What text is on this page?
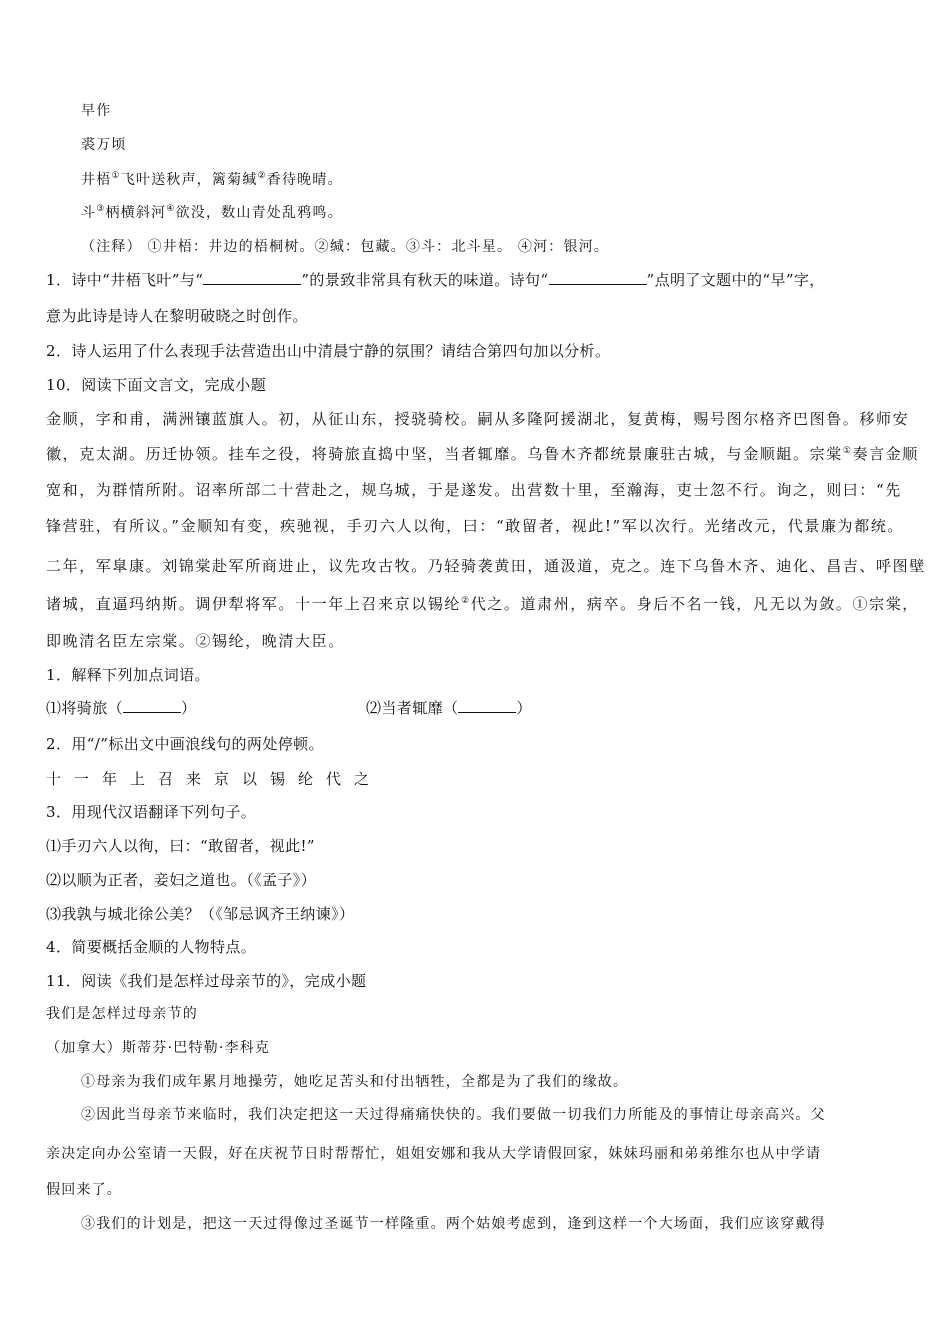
早作
裘万顷
井梧①飞叶送秋声，篱菊缄②香待晚晴。
斗③柄横斜河④欲没，数山青处乱鸦鸣。
（注释） ①井梧：井边的梧桐树。②缄：包藏。③斗：北斗星。 ④河：银河。
1．诗中“井梧飞叶”与“	”的景致非常具有秋天的味道。诗句“	”点明了文题中的“早”字，
意为此诗是诗人在黎明破晓之时创作。
2．诗人运用了什么表现手法营造出山中清晨宁静的氛围？请结合第四句加以分析。
10．阅读下面文言文，完成小题
金顺，字和甫，满洲镶蓝旗人。初，从征山东，授骁骑校。嗣从多隆阿援湖北，复黄梅，赐号图尔格齐巴图鲁。移师安
徽，克太湖。历迁协领。挂车之役，将骑旅直捣中坚，当者辄靡。乌鲁木齐都统景廉驻古城，与金顺龃。宗棠①奏言金顺
宽和，为群情所附。诏率所部二十营赴之，规乌城，于是遂发。出营数十里，至瀚海，吏士忽不行。询之，则曰：“先
锋营驻，有所议。”金顺知有变，疾驰视，手刃六人以徇，曰：“敢留者，视此!”军以次行。光绪改元，代景廉为都统。
二年，军皐康。刘锦棠赴军所商进止，议先攻古牧。乃轻骑袭黄田，通汲道，克之。连下乌鲁木齐、迪化、昌吉、呼图壁
诸城，直逼玛纳斯。调伊犁将军。十一年上召来京以锡纶②代之。道肃州，病卒。身后不名一钱，凡无以为敛。①宗棠，
即晚清名臣左宗棠。②锡纶，晚清大臣。
1．解释下列加点词语。
⑴将骑旅（	）	⑵当者辄靡（	）
2．用“/”标出文中画浪线句的两处停顿。
十一年上召来京以锡纶代之
3．用现代汉语翻译下列句子。
⑴手刃六人以徇，曰：“敢留者，视此!”
⑵以顺为正者，妾妇之道也。（《孟子》）
⑶我孰与城北徐公美？（《邹忌讽齐王纳谏》）
4．简要概括金顺的人物特点。
11．阅读《我们是怎样过母亲节的》，完成小题
我们是怎样过母亲节的
（加拿大）斯蒂芬·巴特勒·李科克
①母亲为我们成年累月地操劳，她吃足苦头和付出牺牲，全都是为了我们的缘故。
②因此当母亲节来临时，我们决定把这一天过得痛痛快快的。我们要做一切我们力所能及的事情让母亲高兴。父
亲决定向办公室请一天假，好在庆祝节日时帮帮忙，姐姐安娜和我从大学请假回家，妹妹玛丽和弟弟维尔也从中学请
假回来了。
③我们的计划是，把这一天过得像过圣诞节一样隆重。两个姑娘考虑到，逢到这样一个大场面，我们应该穿戴得
